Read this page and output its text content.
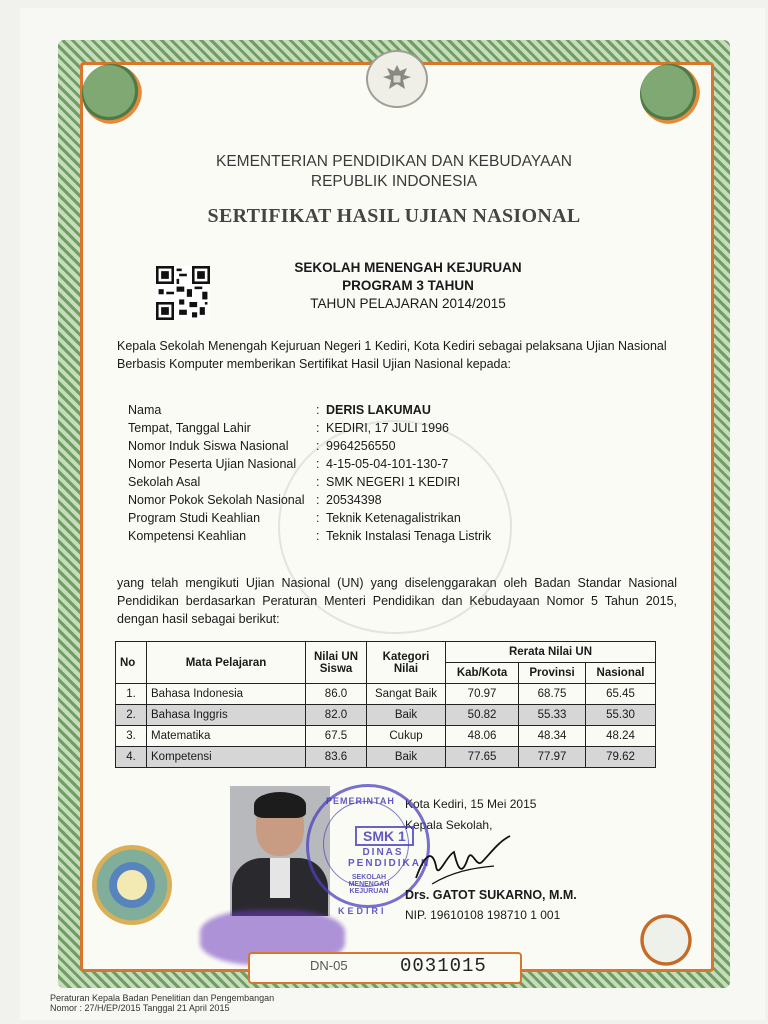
KEMENTERIAN PENDIDIKAN DAN KEBUDAYAAN
REPUBLIK INDONESIA
SERTIFIKAT HASIL UJIAN NASIONAL
SEKOLAH MENENGAH KEJURUAN
PROGRAM 3 TAHUN
TAHUN PELAJARAN 2014/2015
Kepala Sekolah Menengah Kejuruan Negeri 1 Kediri, Kota Kediri sebagai pelaksana Ujian Nasional Berbasis Komputer memberikan Sertifikat Hasil Ujian Nasional kepada:
Nama	: DERIS LAKUMAU
Tempat, Tanggal Lahir	: KEDIRI, 17 JULI 1996
Nomor Induk Siswa Nasional	: 9964256550
Nomor Peserta Ujian Nasional	: 4-15-05-04-101-130-7
Sekolah Asal	: SMK NEGERI 1 KEDIRI
Nomor Pokok Sekolah Nasional : 20534398
Program Studi Keahlian	: Teknik Ketenagalistrikan
Kompetensi Keahlian	: Teknik Instalasi Tenaga Listrik
yang telah mengikuti Ujian Nasional (UN) yang diselenggarakan oleh Badan Standar Nasional Pendidikan berdasarkan Peraturan Menteri Pendidikan dan Kebudayaan Nomor 5 Tahun 2015, dengan hasil sebagai berikut:
No	Mata Pelajaran	Nilai UN Siswa	Kategori Nilai	Rerata Nilai UN		
				Kab/Kota	Provinsi	Nasional
1.	Bahasa Indonesia	86.0	Sangat Baik	70.97	68.75	65.45
2.	Bahasa Inggris	82.0	Baik	50.82	55.33	55.30
3.	Matematika	67.5	Cukup	48.06	48.34	48.24
4.	Kompetensi	83.6	Baik	77.65	77.97	79.62
Kota Kediri, 15 Mei 2015
Kepala Sekolah,
PEMERINTAH
SMK 1
DINAS PENDIDIKAN
SEKOLAH MENENGAH KEJURUAN
KEDIRI
Drs. GATOT SUKARNO, M.M.
NIP. 19610108 198710 1 001
DN-05	0031015
Peraturan Kepala Badan Penelitian dan Pengembangan
Nomor : 27/H/EP/2015 Tanggal 21 April 2015
